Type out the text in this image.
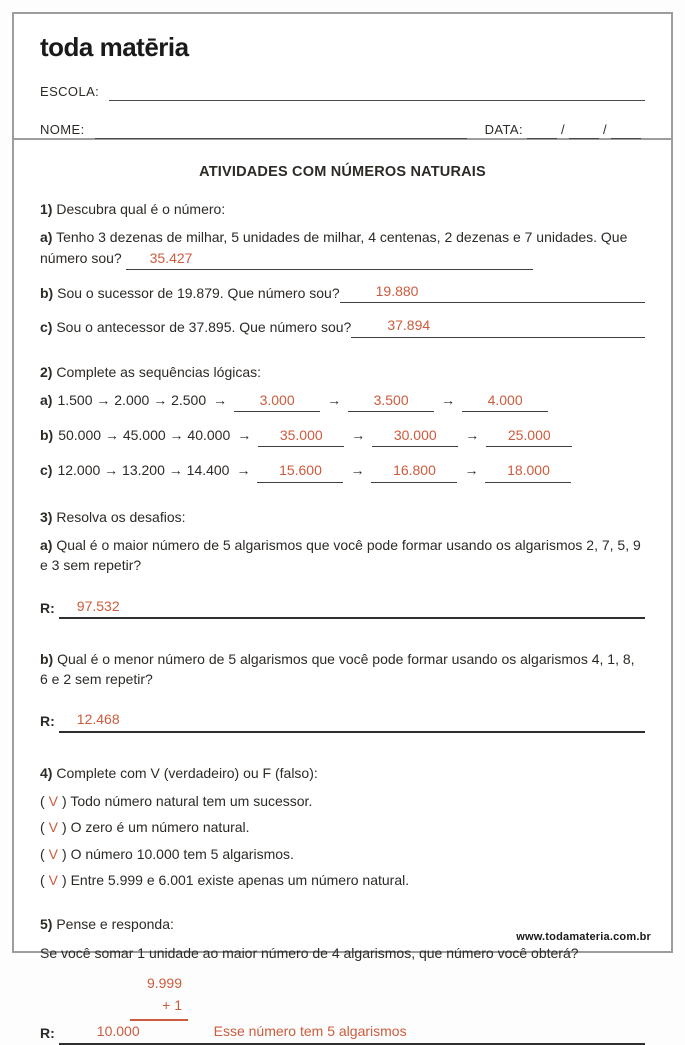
toda matēria
ESCOLA:
NOME:	DATA:	/	/
ATIVIDADES COM NÚMEROS NATURAIS
1) Descubra qual é o número:
a) Tenho 3 dezenas de milhar, 5 unidades de milhar, 4 centenas, 2 dezenas e 7 unidades. Que número sou? 35.427
b) Sou o sucessor de 19.879. Que número sou?	19.880
c) Sou o antecessor de 37.895. Que número sou?	37.894
2) Complete as sequências lógicas:
a) 1.500 → 2.000 → 2.500 → 3.000 → 3.500 → 4.000
b) 50.000 → 45.000 → 40.000 → 35.000 → 30.000 → 25.000
c) 12.000 → 13.200 → 14.400 → 15.600 → 16.800 → 18.000
3) Resolva os desafios:
a) Qual é o maior número de 5 algarismos que você pode formar usando os algarismos 2, 7, 5, 9 e 3 sem repetir?
R:	97.532
b) Qual é o menor número de 5 algarismos que você pode formar usando os algarismos 4, 1, 8, 6 e 2 sem repetir?
R:	12.468
4) Complete com V (verdadeiro) ou F (falso):
( V ) Todo número natural tem um sucessor.
( V ) O zero é um número natural.
( V ) O número 10.000 tem 5 algarismos.
( V ) Entre 5.999 e 6.001 existe apenas um número natural.
5) Pense e responda:
Se você somar 1 unidade ao maior número de 4 algarismos, que número você obterá?
9.999
+ 1
R:	10.000	Esse número tem 5 algarismos
www.todamateria.com.br
